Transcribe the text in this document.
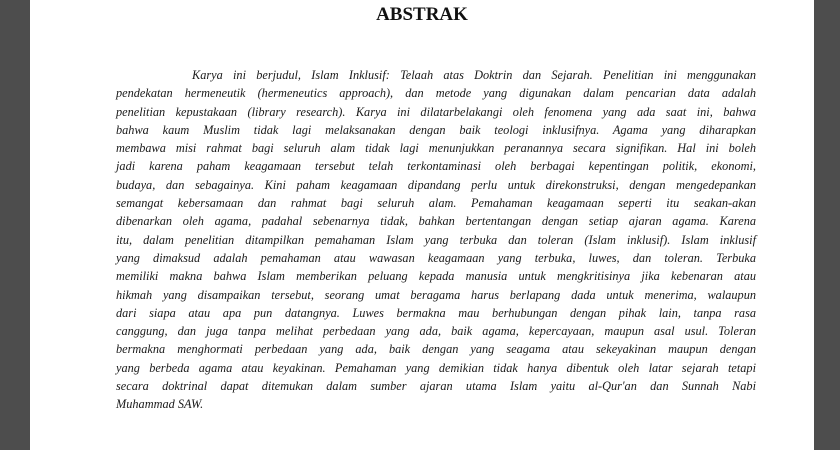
ABSTRAK
Karya ini berjudul, Islam Inklusif: Telaah atas Doktrin dan Sejarah. Penelitian ini menggunakan
pendekatan hermeneutik (hermeneutics approach), dan metode yang digunakan dalam pencarian data adalah
penelitian kepustakaan (library research). Karya ini dilatarbelakangi oleh fenomena yang ada saat ini, bahwa
bahwa kaum Muslim tidak lagi melaksanakan dengan baik teologi inklusifnya. Agama yang diharapkan
membawa misi rahmat bagi seluruh alam tidak lagi menunjukkan peranannya secara signifikan. Hal ini boleh
jadi karena paham keagamaan tersebut telah terkontaminasi oleh berbagai kepentingan politik, ekonomi,
budaya, dan sebagainya. Kini paham keagamaan dipandang perlu untuk direkonstruksi, dengan mengedepankan
semangat kebersamaan dan rahmat bagi seluruh alam. Pemahaman keagamaan seperti itu seakan-akan
dibenarkan oleh agama, padahal sebenarnya tidak, bahkan bertentangan dengan setiap ajaran agama. Karena
itu, dalam penelitian ditampilkan pemahaman Islam yang terbuka dan toleran (Islam inklusif). Islam inklusif
yang dimaksud adalah pemahaman atau wawasan keagamaan yang terbuka, luwes, dan toleran. Terbuka
memiliki makna bahwa Islam memberikan peluang kepada manusia untuk mengkritisinya jika kebenaran atau
hikmah yang disampaikan tersebut, seorang umat beragama harus berlapang dada untuk menerima, walaupun
dari siapa atau apa pun datangnya. Luwes bermakna mau berhubungan dengan pihak lain, tanpa rasa
canggung, dan juga tanpa melihat perbedaan yang ada, baik agama, kepercayaan, maupun asal usul. Toleran
bermakna menghormati perbedaan yang ada, baik dengan yang seagama atau sekeyakinan maupun dengan
yang berbeda agama atau keyakinan. Pemahaman yang demikian tidak hanya dibentuk oleh latar sejarah tetapi
secara doktrinal dapat ditemukan dalam sumber ajaran utama Islam yaitu al-Qur'an dan Sunnah Nabi
Muhammad SAW.
